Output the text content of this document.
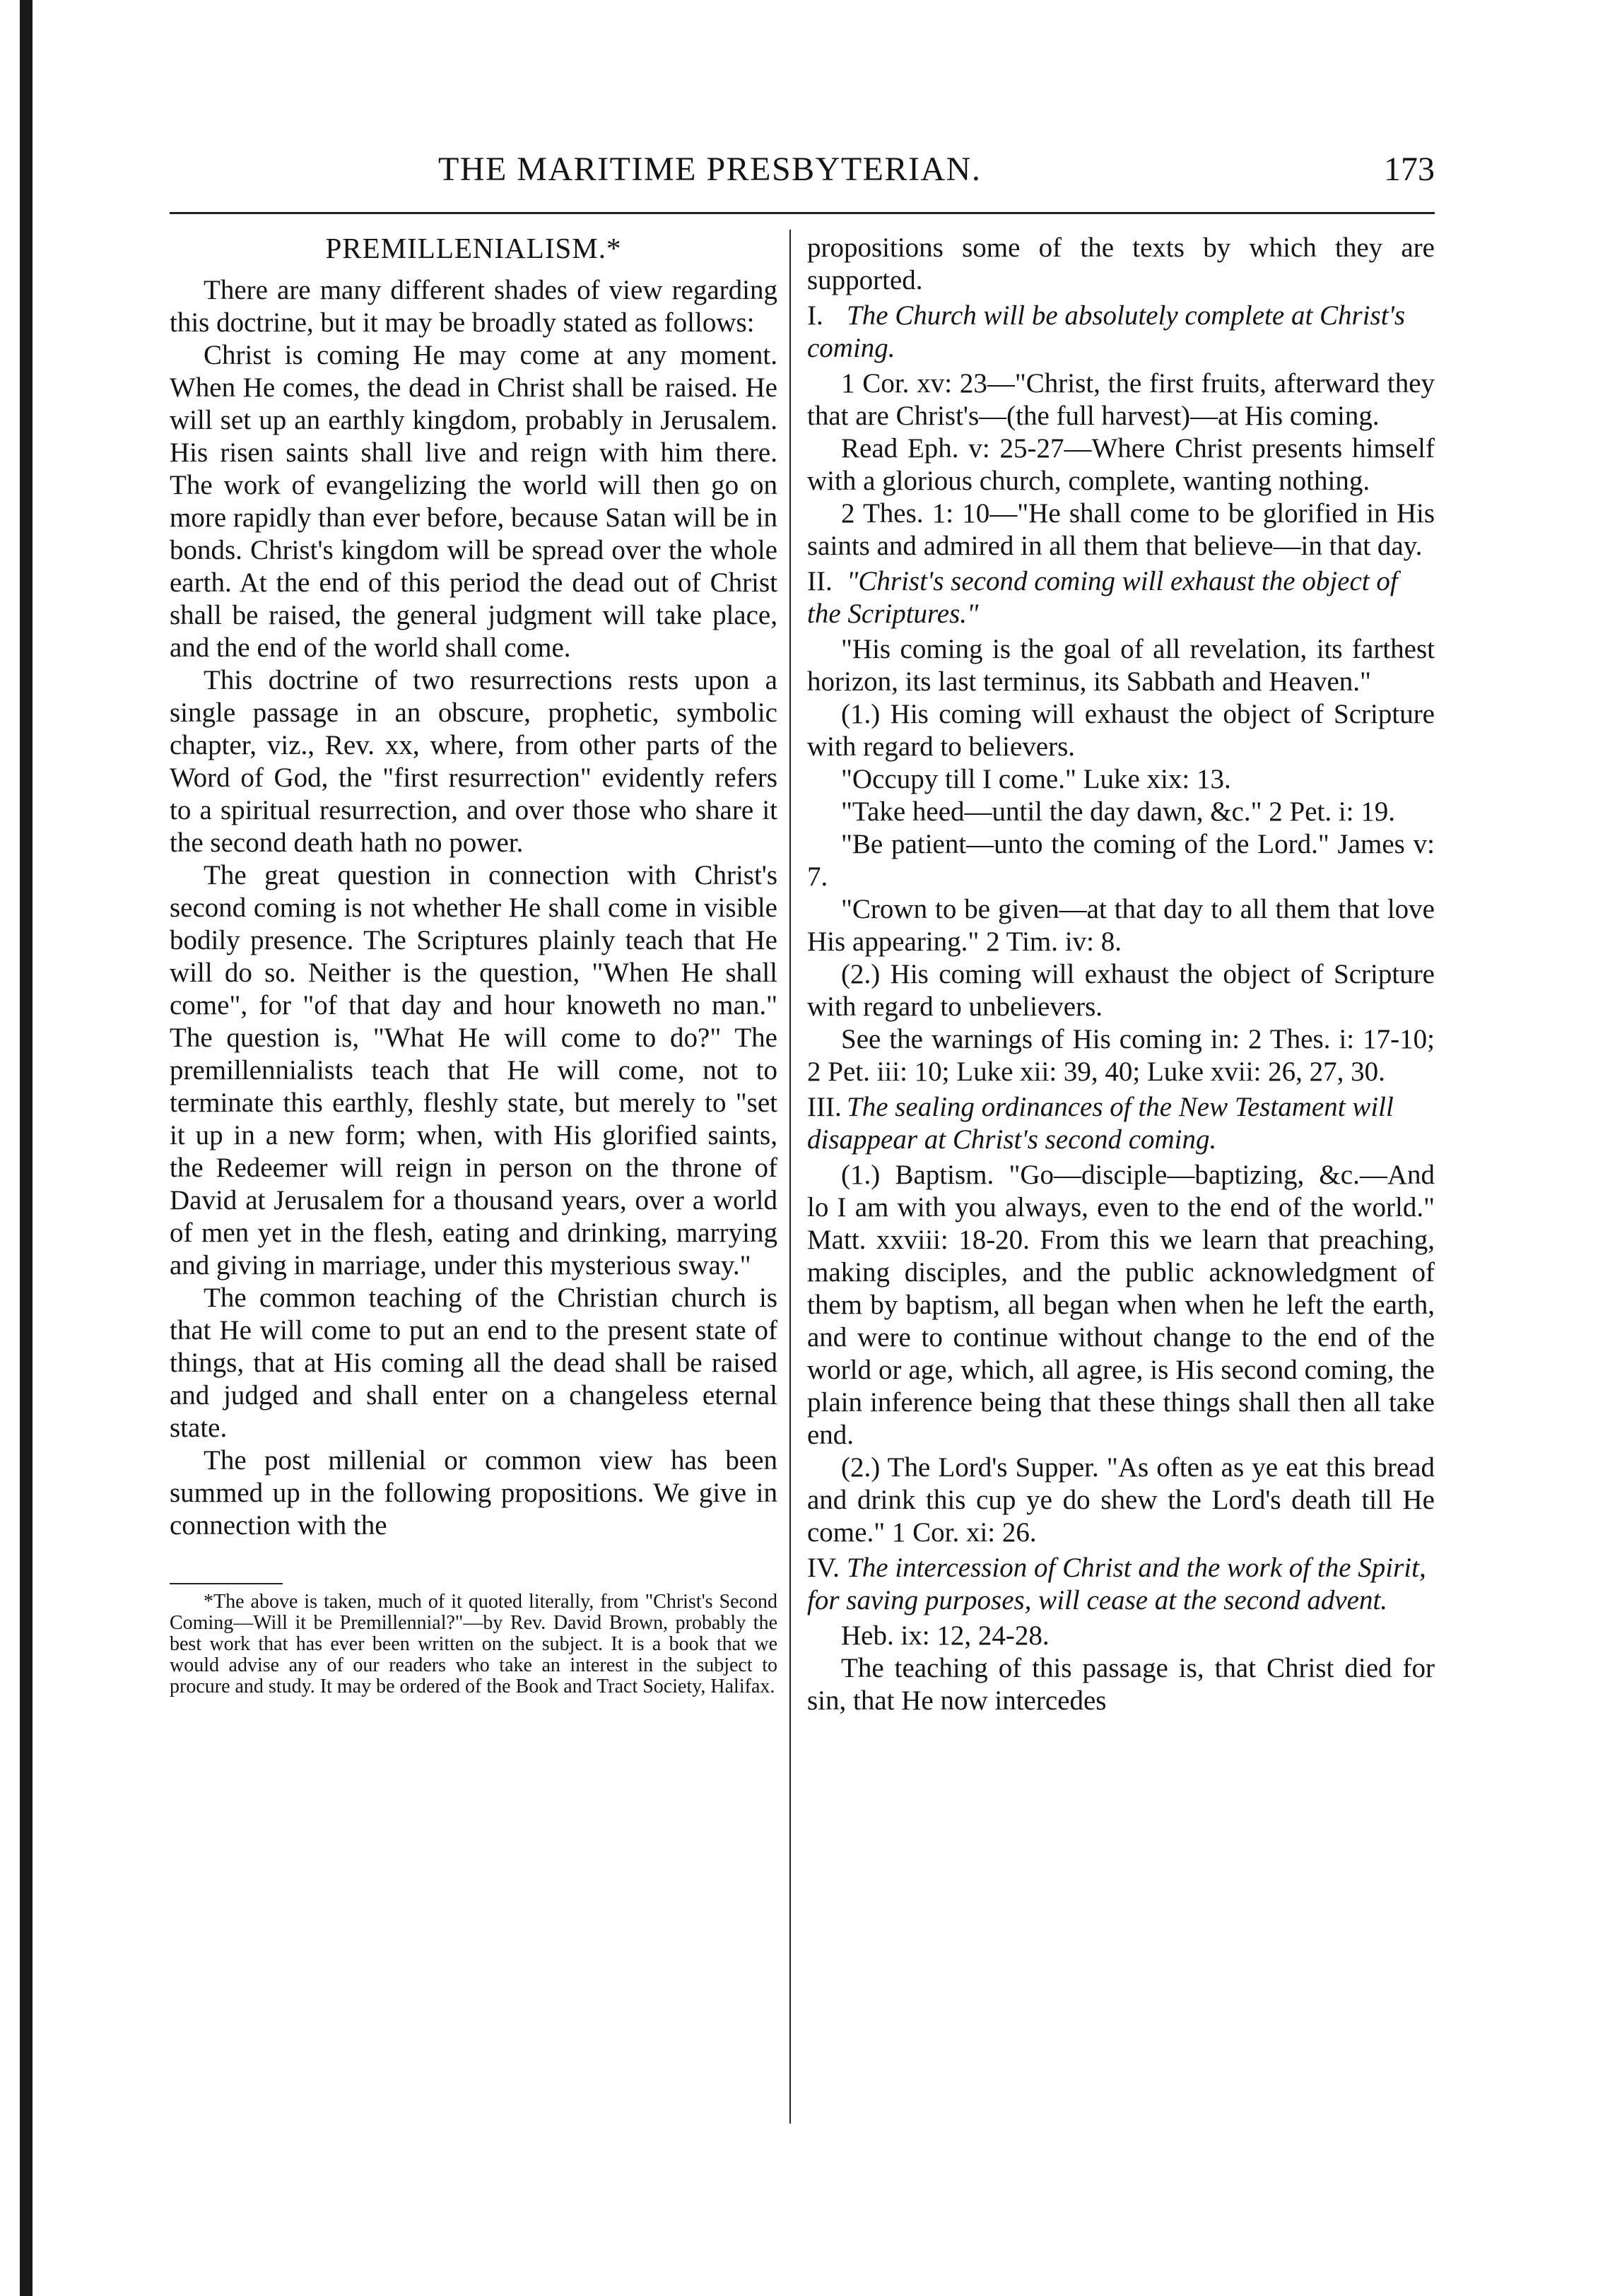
THE MARITIME PRESBYTERIAN.	173
PREMILLENIALISM.*

There are many different shades of view regarding this doctrine, but it may be broadly stated as follows:

Christ is coming He may come at any moment. When He comes, the dead in Christ shall be raised. He will set up an earthly kingdom, probably in Jerusalem. His risen saints shall live and reign with him there. The work of evangelizing the world will then go on more rapidly than ever before, because Satan will be in bonds. Christ's kingdom will be spread over the whole earth. At the end of this period the dead out of Christ shall be raised, the general judgment will take place, and the end of the world shall come.

This doctrine of two resurrections rests upon a single passage in an obscure, prophetic, symbolic chapter, viz., Rev. xx, where, from other parts of the Word of God, the "first resurrection" evidently refers to a spiritual resurrection, and over those who share it the second death hath no power.

The great question in connection with Christ's second coming is not whether He shall come in visible bodily presence. The Scriptures plainly teach that He will do so. Neither is the question, "When He shall come", for "of that day and hour knoweth no man." The question is, "What He will come to do?" The premillennialists teach that He will come, not to terminate this earthly, fleshly state, but merely to "set it up in a new form; when, with His glorified saints, the Redeemer will reign in person on the throne of David at Jerusalem for a thousand years, over a world of men yet in the flesh, eating and drinking, marrying and giving in marriage, under this mysterious sway."

The common teaching of the Christian church is that He will come to put an end to the present state of things, that at His coming all the dead shall be raised and judged and shall enter on a changeless eternal state.

The post millenial or common view has been summed up in the following propositions. We give in connection with the

*The above is taken, much of it quoted literally, from "Christ's Second Coming—Will it be Premillennial?"—by Rev. David Brown, probably the best work that has ever been written on the subject. It is a book that we would advise any of our readers who take an interest in the subject to procure and study. It may be ordered of the Book and Tract Society, Halifax.

propositions some of the texts by which they are supported.

I. The Church will be absolutely complete at Christ's coming.

1 Cor. xv: 23—"Christ, the first fruits, afterward they that are Christ's—(the full harvest)—at His coming.

Read Eph. v: 25-27—Where Christ presents himself with a glorious church, complete, wanting nothing.

2 Thes. 1: 10—"He shall come to be glorified in His saints and admired in all them that believe—in that day.

II. "Christ's second coming will exhaust the object of the Scriptures."

"His coming is the goal of all revelation, its farthest horizon, its last terminus, its Sabbath and Heaven."

(1.) His coming will exhaust the object of Scripture with regard to believers.

"Occupy till I come." Luke xix: 13.

"Take heed—until the day dawn, &c." 2 Pet. i: 19.

"Be patient—unto the coming of the Lord." James v: 7.

"Crown to be given—at that day to all them that love His appearing." 2 Tim. iv: 8.

(2.) His coming will exhaust the object of Scripture with regard to unbelievers.

See the warnings of His coming in: 2 Thes. i: 17-10; 2 Pet. iii: 10; Luke xii: 39, 40; Luke xvii: 26, 27, 30.

III. The sealing ordinances of the New Testament will disappear at Christ's second coming.

(1.) Baptism. "Go—disciple—baptizing, &c.—And lo I am with you always, even to the end of the world." Matt. xxviii: 18-20. From this we learn that preaching, making disciples, and the public acknowledgment of them by baptism, all began when when he left the earth, and were to continue without change to the end of the world or age, which, all agree, is His second coming, the plain inference being that these things shall then all take end.

(2.) The Lord's Supper. "As often as ye eat this bread and drink this cup ye do shew the Lord's death till He come." 1 Cor. xi: 26.

IV. The intercession of Christ and the work of the Spirit, for saving purposes, will cease at the second advent.

Heb. ix: 12, 24-28.

The teaching of this passage is, that Christ died for sin, that He now intercedes
